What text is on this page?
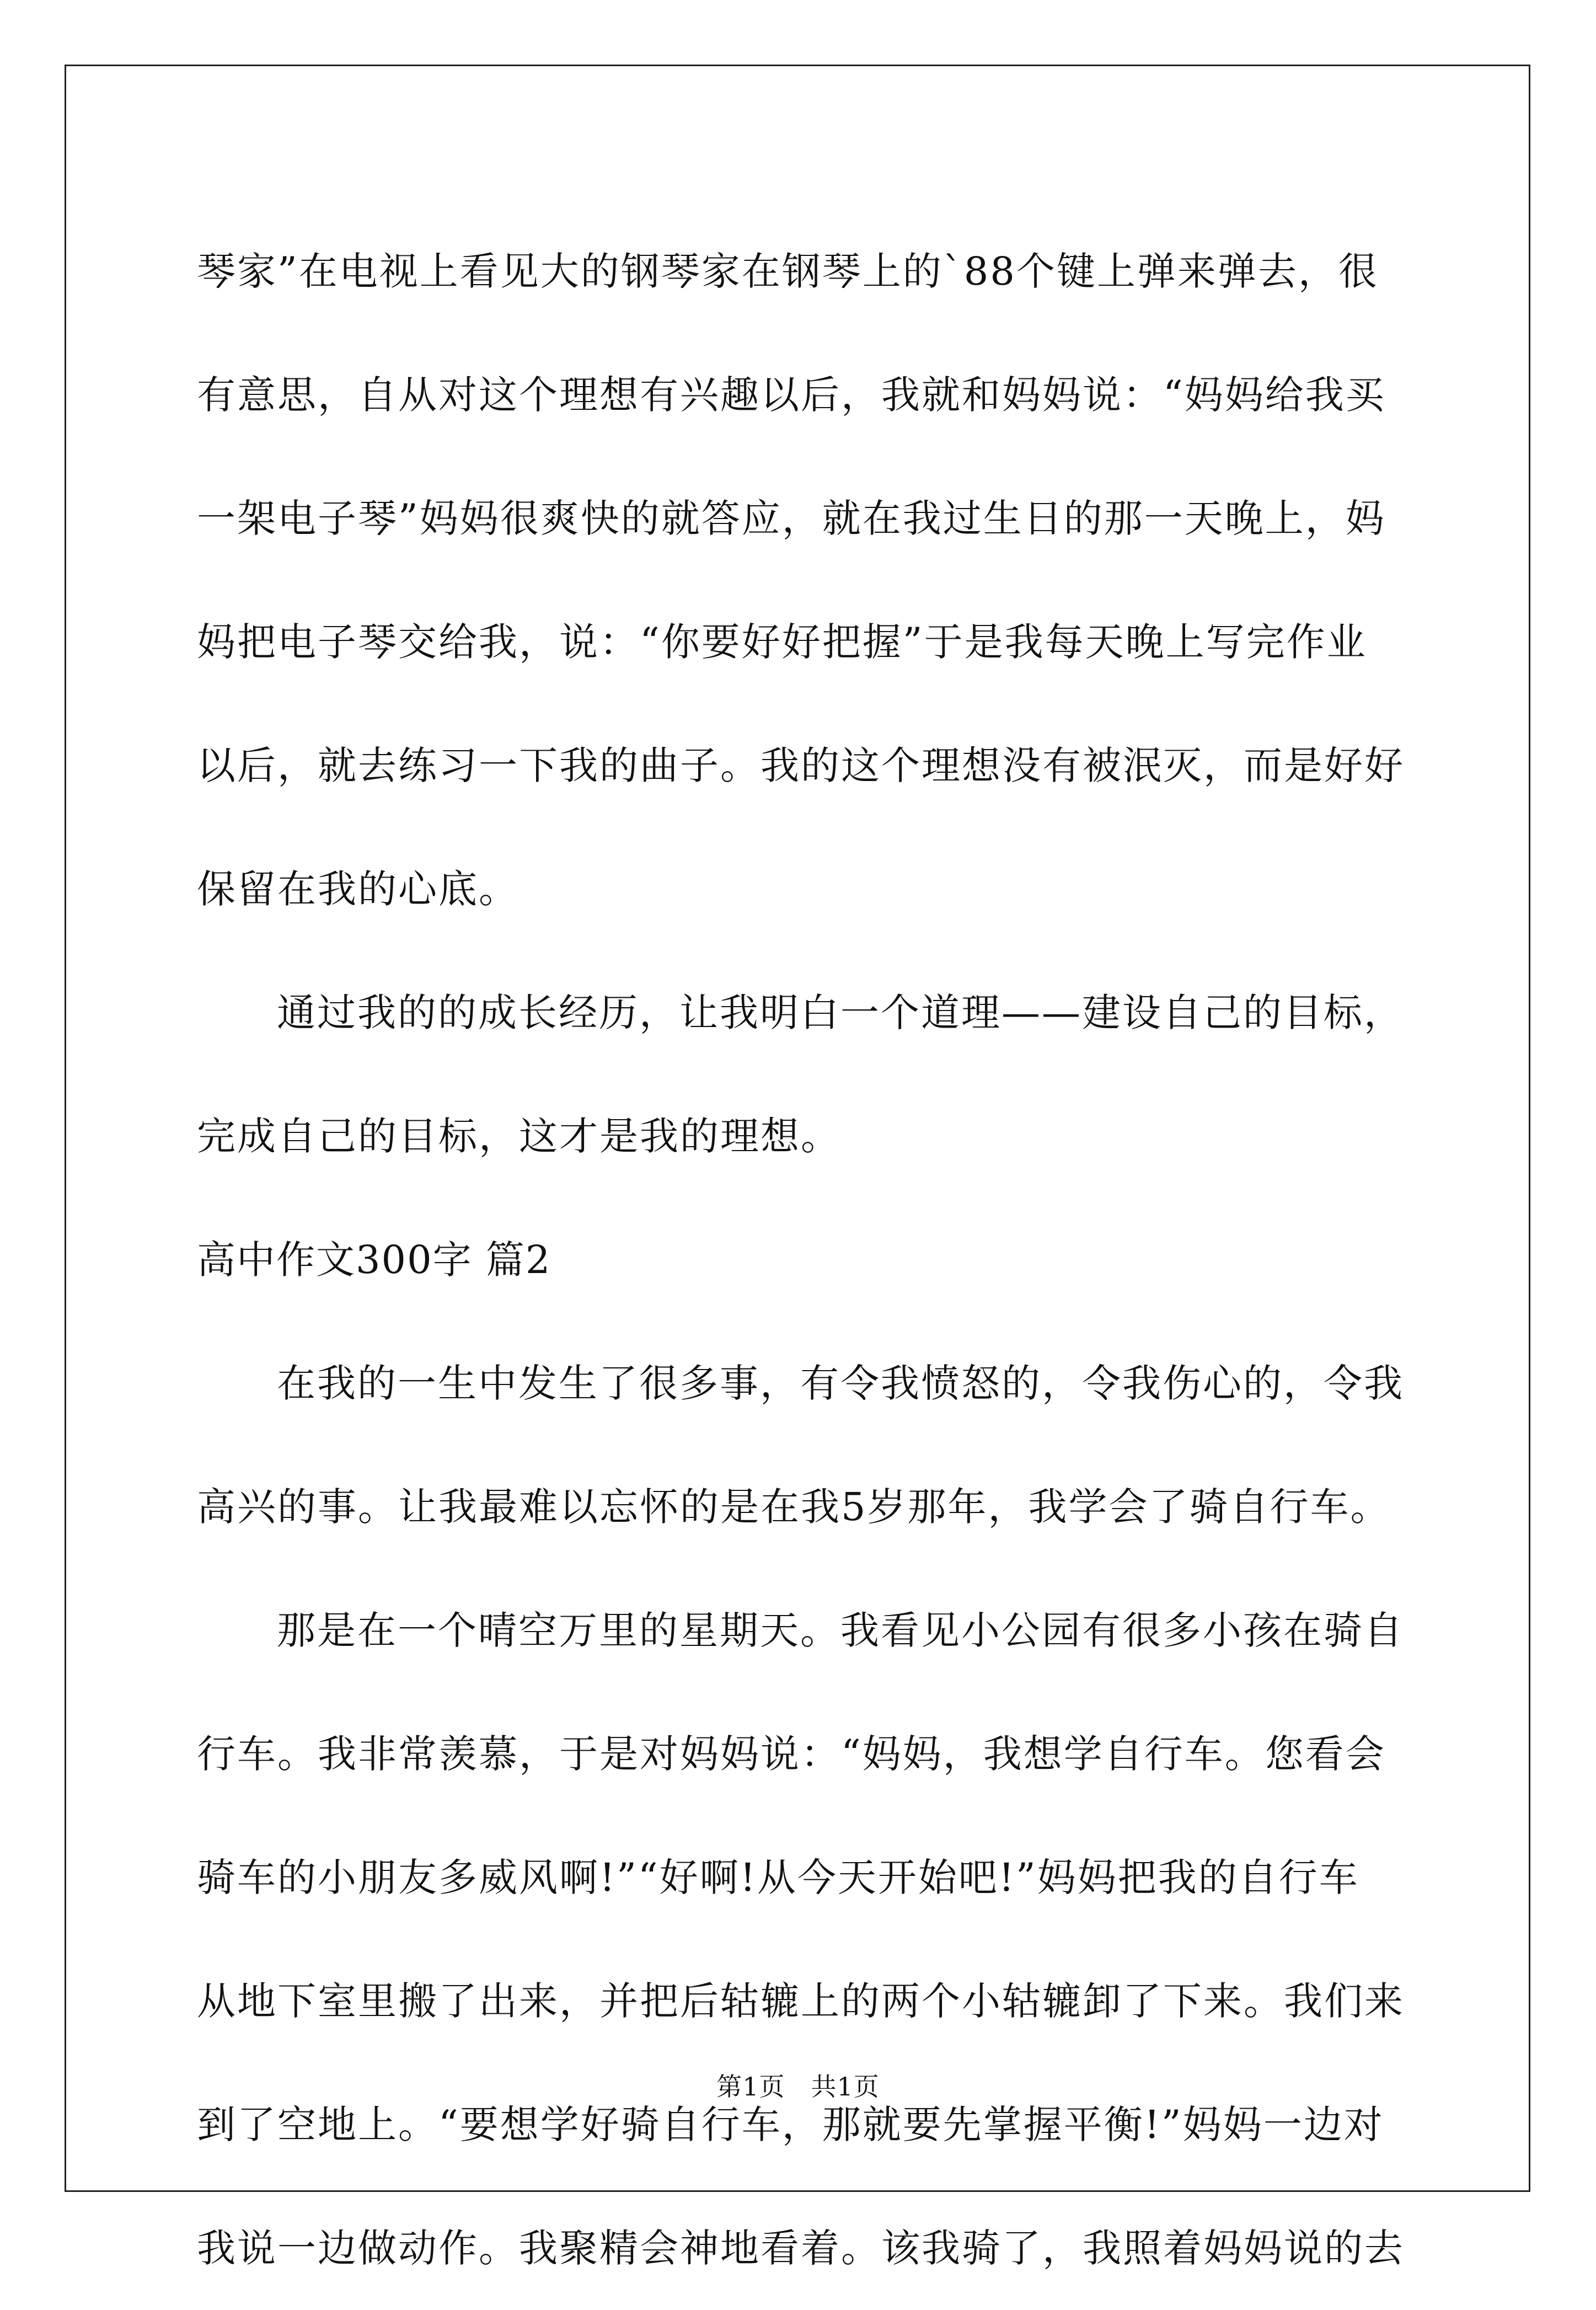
琴家”在电视上看见大的钢琴家在钢琴上的`88个键上弹来弹去，很
有意思，自从对这个理想有兴趣以后，我就和妈妈说：“妈妈给我买
一架电子琴”妈妈很爽快的就答应，就在我过生日的那一天晚上，妈
妈把电子琴交给我，说：“你要好好把握”于是我每天晚上写完作业
以后，就去练习一下我的曲子。我的这个理想没有被泯灭，而是好好
保留在我的心底。
通过我的的成长经历，让我明白一个道理——建设自己的目标，
完成自己的目标，这才是我的理想。
高中作文300字 篇2
在我的一生中发生了很多事，有令我愤怒的，令我伤心的，令我
高兴的事。让我最难以忘怀的是在我5岁那年，我学会了骑自行车。
那是在一个晴空万里的星期天。我看见小公园有很多小孩在骑自
行车。我非常羡慕，于是对妈妈说：“妈妈，我想学自行车。您看会
骑车的小朋友多威风啊!”“好啊!从今天开始吧!”妈妈把我的自行车
从地下室里搬了出来，并把后轱辘上的两个小轱辘卸了下来。我们来
到了空地上。“要想学好骑自行车，那就要先掌握平衡!”妈妈一边对
我说一边做动作。我聚精会神地看着。该我骑了，我照着妈妈说的去
第1页　共1页
